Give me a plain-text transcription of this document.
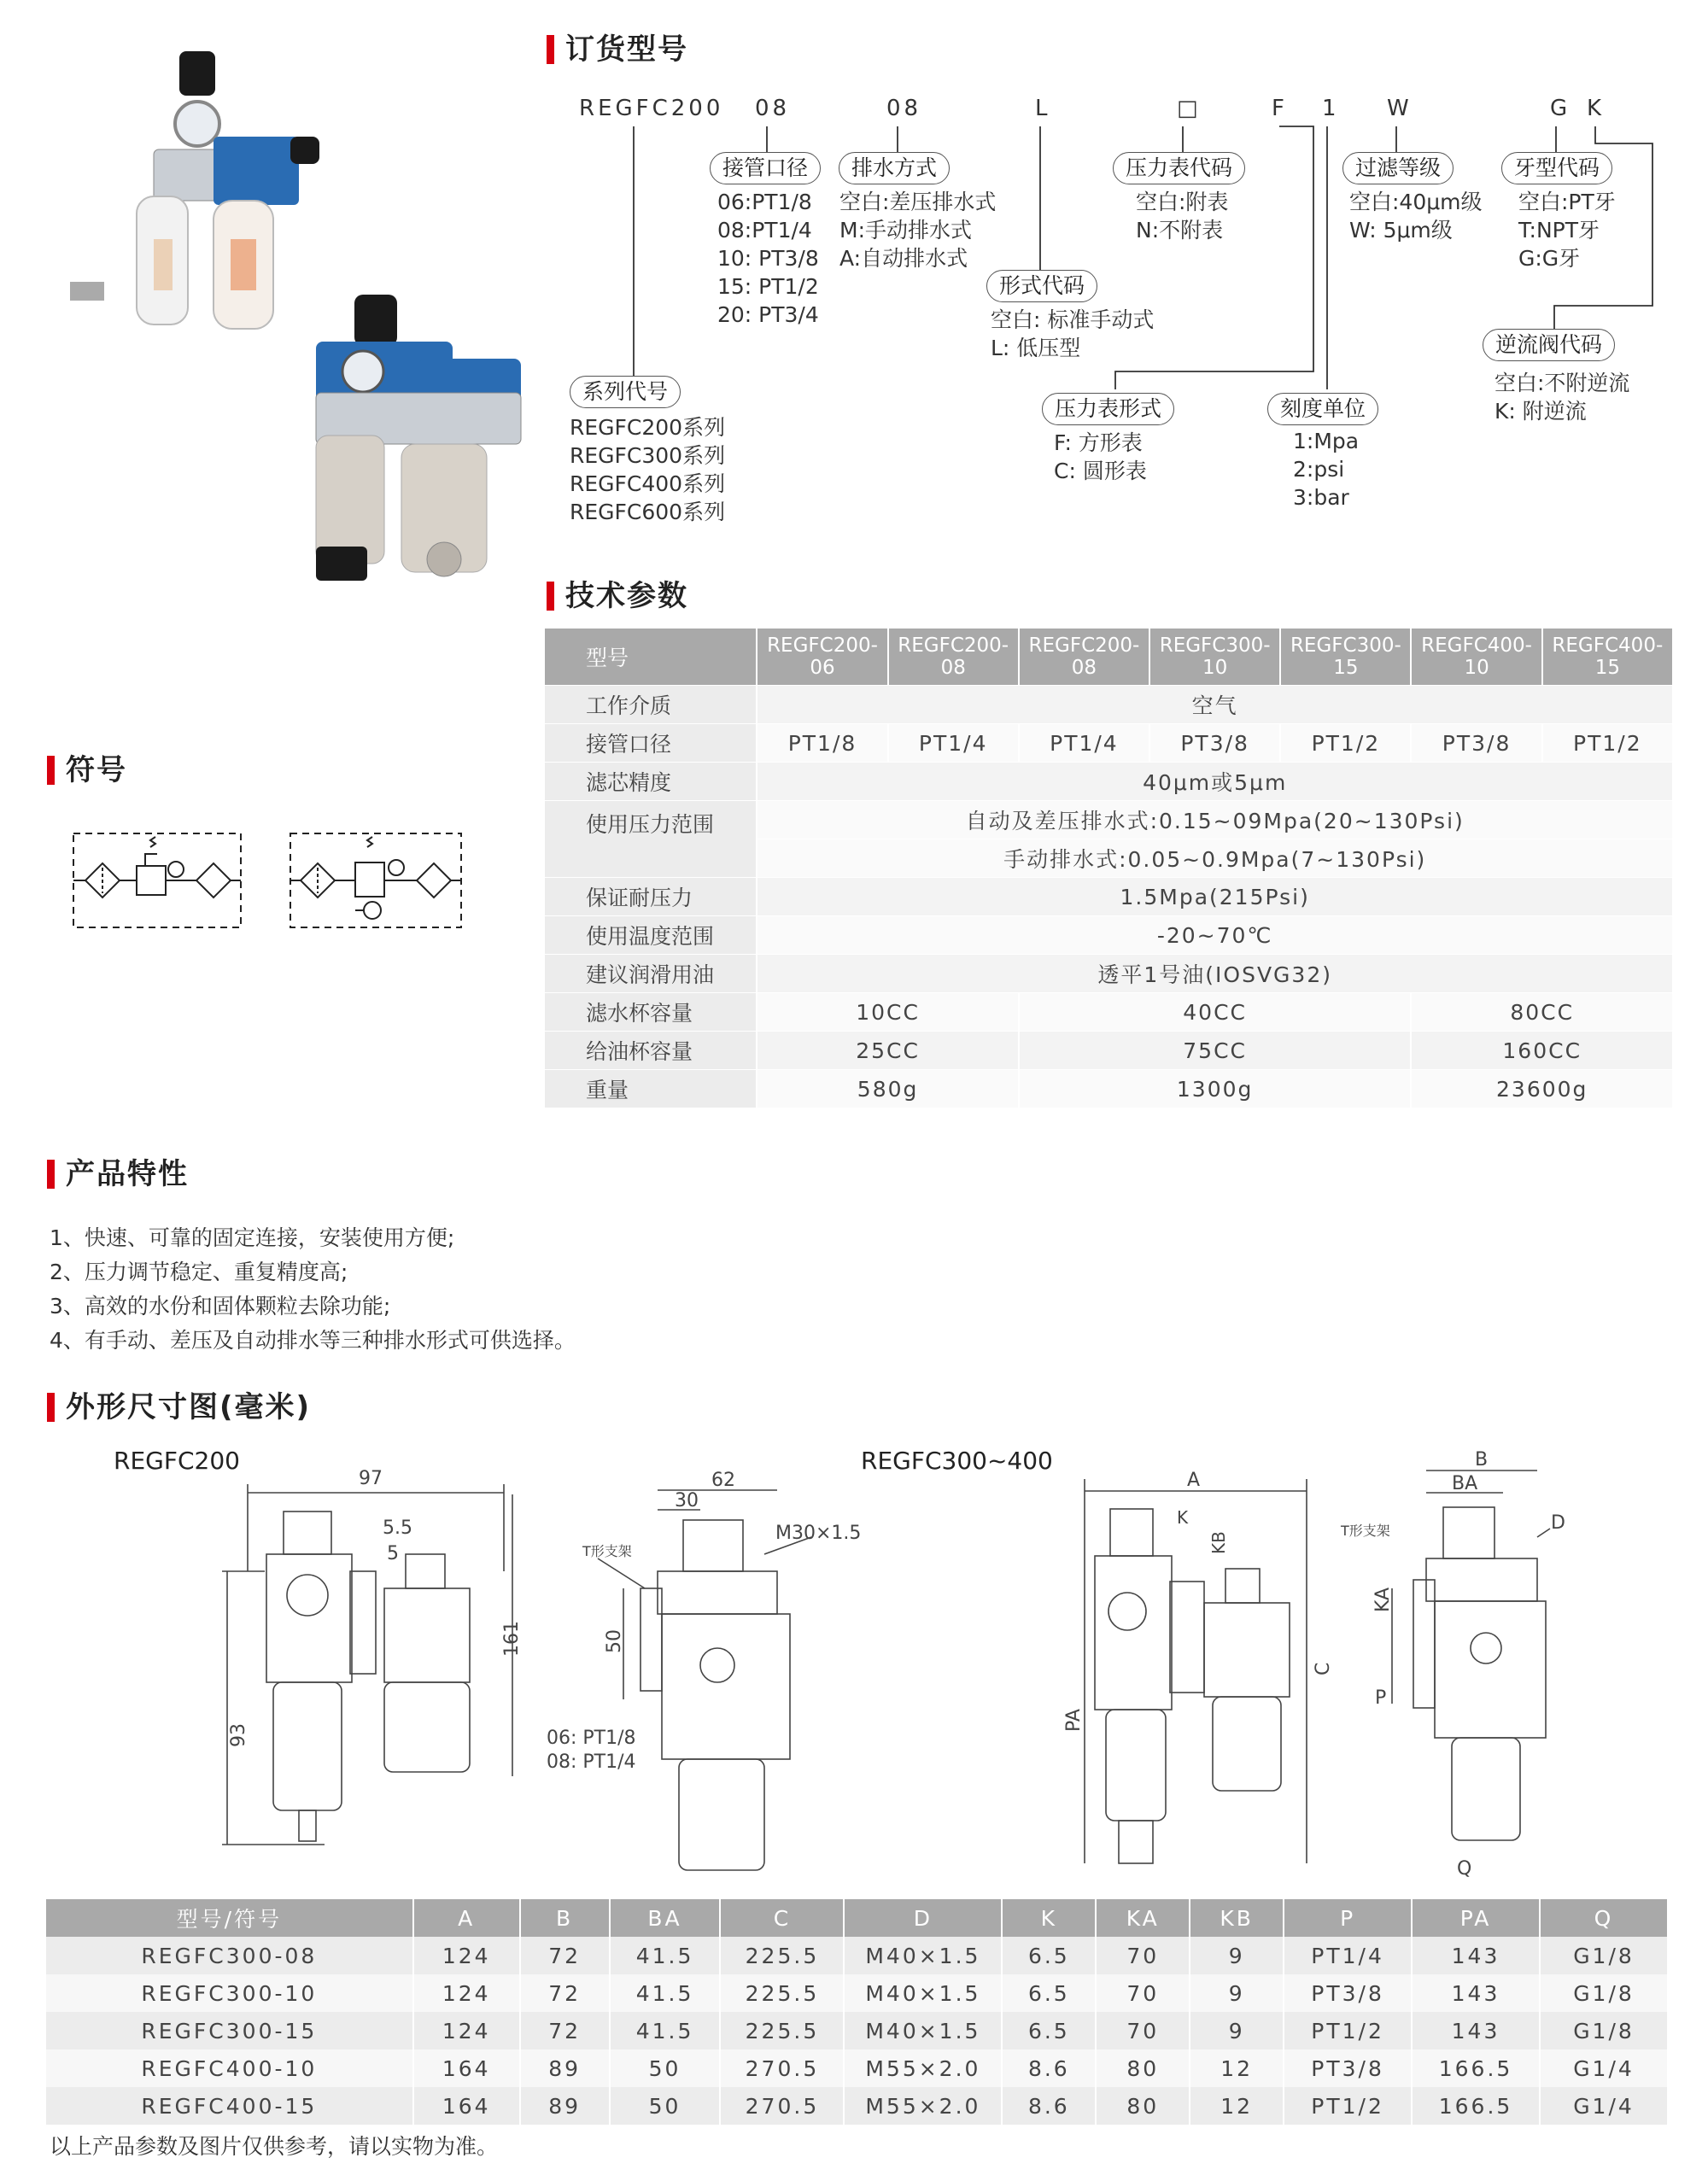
订货型号
REGFC200 08	08	L	□	F 1 W	G K
接管口径
06:PT1/8
08:PT1/4
10: PT3/8
15: PT1/2
20: PT3/4
排水方式
空白:差压排水式
M:手动排水式
A:自动排水式
压力表代码
空白:附表
N:不附表
过滤等级
空白:40μm级
W: 5μm级
牙型代码
空白:PT牙
T:NPT牙
G:G牙
形式代码
空白: 标准手动式
L: 低压型	逆流阀代码
空白:不附逆流
K: 附逆流
系列代号
REGFC200系列
REGFC300系列
REGFC400系列
REGFC600系列
压力表形式
F: 方形表
C: 圆形表
刻度单位
1:Mpa
2:psi
3:bar
技术参数
型号	REGFC200-06	REGFC200-08	REGFC200-08	REGFC300-10	REGFC300-15	REGFC400-10	REGFC400-15
工作介质	空气						
接管口径	PT1/8	PT1/4	PT1/4	PT3/8	PT1/2	PT3/8	PT1/2
滤芯精度	40μm或5μm						
使用压力范围	自动及差压排水式:0.15~09Mpa(20~130Psi)						
	手动排水式:0.05~0.9Mpa(7~130Psi)						
保证耐压力	1.5Mpa(215Psi)						
使用温度范围	-20~70℃						
建议润滑用油	透平1号油(IOSVG32)						
滤水杯容量	10CC		40CC			80CC	
给油杯容量	25CC		75CC			160CC	
重量	580g		1300g			23600g	
符号
产品特性
1、快速、可靠的固定连接，安装使用方便;
2、压力调节稳定、重复精度高;
3、高效的水份和固体颗粒去除功能;
4、有手动、差压及自动排水等三种排水形式可供选择。
外形尺寸图(毫米)
REGFC200	REGFC300~400
97
5.5
5
161
93
62
30
M30×1.5
T形支架
50
06: PT1/8
08: PT1/4
A
K
KB
C
PA
B
BA
T形支架	D
KA
P
Q
型号/符号	A	B	BA	C	D	K	KA	KB	P	PA	Q
REGFC300-08	124	72	41.5	225.5	M40×1.5	6.5	70	9	PT1/4	143	G1/8
REGFC300-10	124	72	41.5	225.5	M40×1.5	6.5	70	9	PT3/8	143	G1/8
REGFC300-15	124	72	41.5	225.5	M40×1.5	6.5	70	9	PT1/2	143	G1/8
REGFC400-10	164	89	50	270.5	M55×2.0	8.6	80	12	PT3/8	166.5	G1/4
REGFC400-15	164	89	50	270.5	M55×2.0	8.6	80	12	PT1/2	166.5	G1/4
以上产品参数及图片仅供参考，请以实物为准。
